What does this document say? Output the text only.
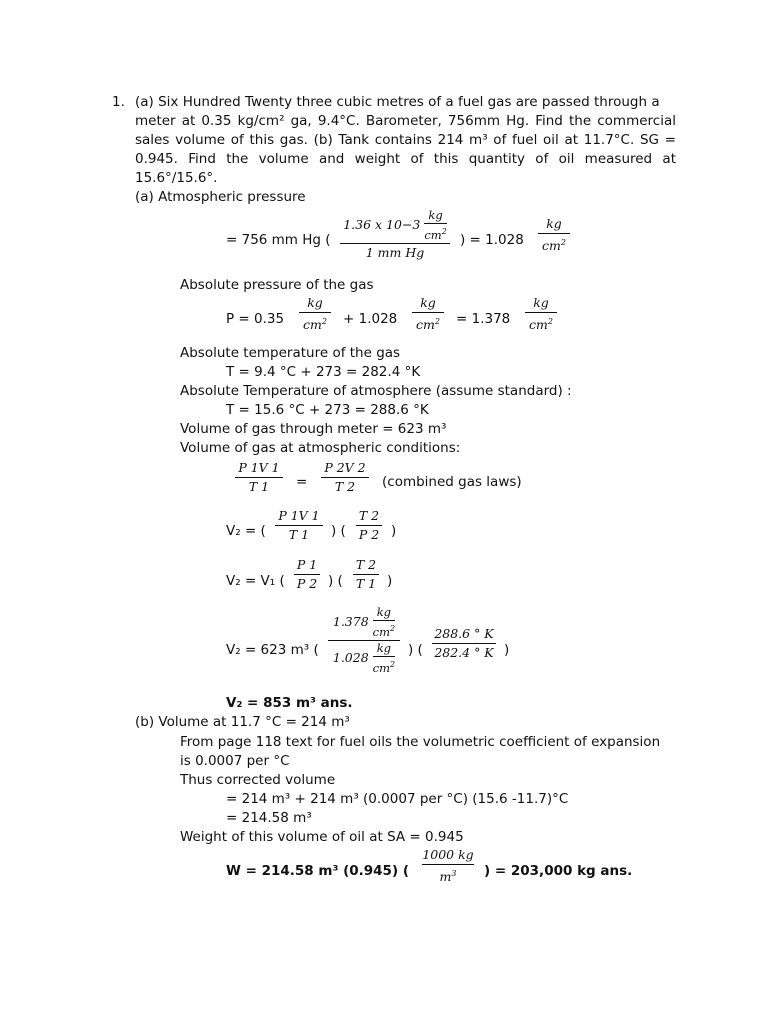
1. (a) Six Hundred Twenty three cubic metres of a fuel gas are passed through a
meter at 0.35 kg/cm² ga, 9.4°C. Barometer, 756mm Hg. Find the commercial
sales volume of this gas. (b) Tank contains 214 m³ of fuel oil at 11.7°C. SG =
0.945. Find the volume and weight of this quantity of oil measured at
15.6°/15.6°.
(a) Atmospheric pressure
= 756 mm Hg (
1.36 x $10-3 \frac{kg}{cm^2}$
1 mm Hg
) = 1.028
kg
$cm^2$
Absolute pressure of the gas
P = 0.35
kg
$cm^2 + 1.028$
kg
$cm^2 = 1.378$
kg
$cm^2$
Absolute temperature of the gas
T = 9.4 °C + 273 = 282.4 °K
Absolute Temperature of atmosphere (assume standard) :
T = 15.6 °C + 273 = 288.6 °K
Volume of gas through meter = 623 m³
Volume of gas at atmospheric conditions:
P 1V 1
T 1	=
P 2V 2
T 2	(combined gas laws)
V₂ = (
P 1V 1
T 1	) (
T 2
P 2 )
V₂ = V₁ (
P 1
P 2 ) (
T 2
T 1 )
V₂ = 623 m³ (
$1.378 \frac{kg}{cm^2}$
$1.028 \frac{kg}{cm^2}$ ) (
288.6 ° K
282.4 ° K )
V₂ = 853 m³ ans.
(b) Volume at 11.7 °C = 214 m³
From page 118 text for fuel oils the volumetric coefficient of expansion
is 0.0007 per °C
Thus corrected volume
= 214 m³ + 214 m³ (0.0007 per °C) (15.6 -11.7)°C
= 214.58 m³
Weight of this volume of oil at SA = 0.945
W = 214.58 m³ (0.945) (
1000 kg
$m^3$	) = 203,000 kg ans.
